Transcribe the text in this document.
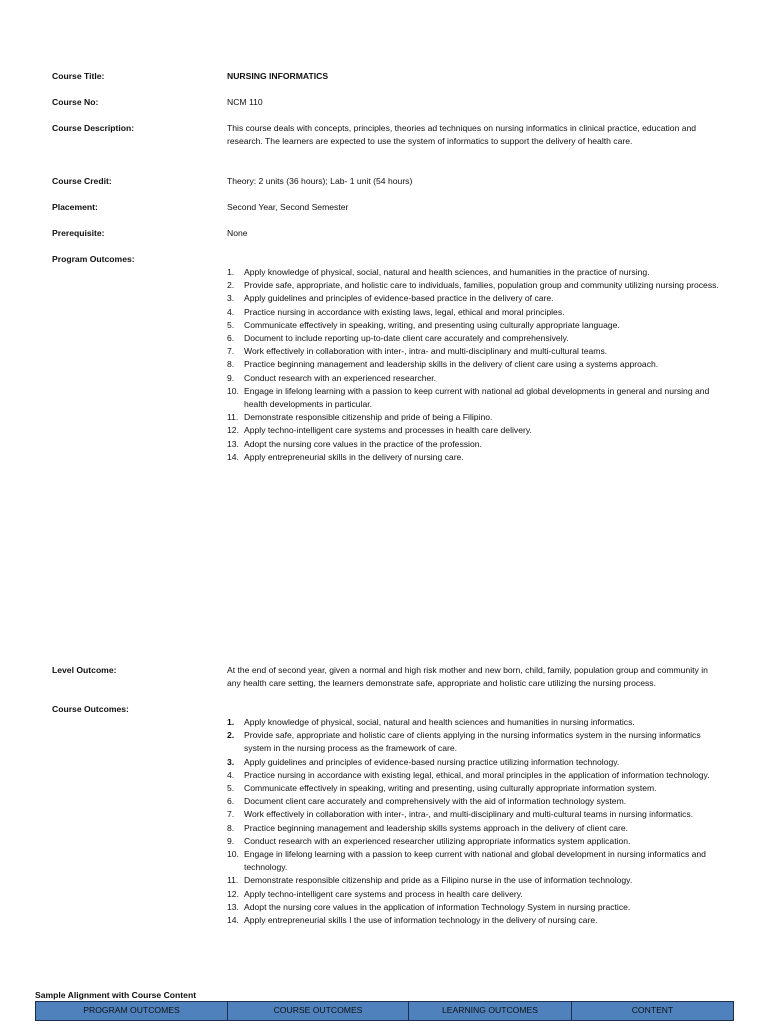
Course Title:	NURSING INFORMATICS
Course No:	NCM 110
Course Description:	This course deals with concepts, principles, theories ad techniques on nursing informatics in clinical practice, education and research. The learners are expected to use the system of informatics to support the delivery of health care.
Course Credit:	Theory: 2 units (36 hours); Lab- 1 unit (54 hours)
Placement:	Second Year, Second Semester
Prerequisite:	None
Program Outcomes:
1. Apply knowledge of physical, social, natural and health sciences, and humanities in the practice of nursing.
2. Provide safe, appropriate, and holistic care to individuals, families, population group and community utilizing nursing process.
3. Apply guidelines and principles of evidence-based practice in the delivery of care.
4. Practice nursing in accordance with existing laws, legal, ethical and moral principles.
5. Communicate effectively in speaking, writing, and presenting using culturally appropriate language.
6. Document to include reporting up-to-date client care accurately and comprehensively.
7. Work effectively in collaboration with inter-, intra- and multi-disciplinary and multi-cultural teams.
8. Practice beginning management and leadership skills in the delivery of client care using a systems approach.
9. Conduct research with an experienced researcher.
10. Engage in lifelong learning with a passion to keep current with national ad global developments in general and nursing and health developments in particular.
11. Demonstrate responsible citizenship and pride of being a Filipino.
12. Apply techno-intelligent care systems and processes in health care delivery.
13. Adopt the nursing core values in the practice of the profession.
14. Apply entrepreneurial skills in the delivery of nursing care.
Level Outcome:	At the end of second year, given a normal and high risk mother and new born, child, family, population group and community in any health care setting, the learners demonstrate safe, appropriate and holistic care utilizing the nursing process.
Course Outcomes:
1. Apply knowledge of physical, social, natural and health sciences and humanities in nursing informatics.
2. Provide safe, appropriate and holistic care of clients applying in the nursing informatics system in the nursing informatics system in the nursing process as the framework of care.
3. Apply guidelines and principles of evidence-based nursing practice utilizing information technology.
4. Practice nursing in accordance with existing legal, ethical, and moral principles in the application of information technology.
5. Communicate effectively in speaking, writing and presenting, using culturally appropriate information system.
6. Document client care accurately and comprehensively with the aid of information technology system.
7. Work effectively in collaboration with inter-, intra-, and multi-disciplinary and multi-cultural teams in nursing informatics.
8. Practice beginning management and leadership skills systems approach in the delivery of client care.
9. Conduct research with an experienced researcher utilizing appropriate informatics system application.
10. Engage in lifelong learning with a passion to keep current with national and global development in nursing informatics and technology.
11. Demonstrate responsible citizenship and pride as a Filipino nurse in the use of information technology.
12. Apply techno-intelligent care systems and process in health care delivery.
13. Adopt the nursing core values in the application of information Technology System in nursing practice.
14. Apply entrepreneurial skills I the use of information technology in the delivery of nursing care.
Sample Alignment with Course Content
PROGRAM OUTCOMES	COURSE OUTCOMES	LEARNING OUTCOMES	CONTENT
